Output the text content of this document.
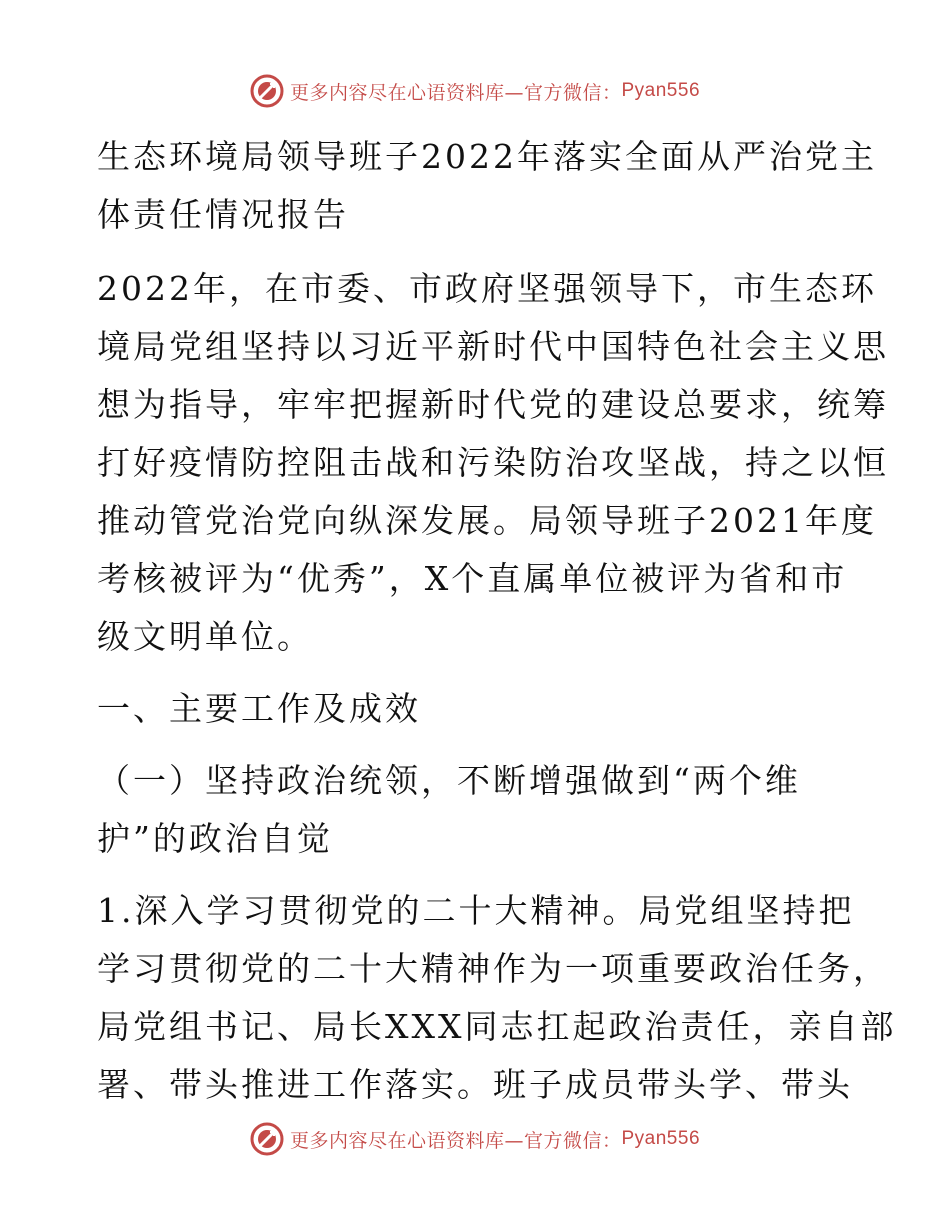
更多内容尽在心语资料库—官方微信： Pyan556
生态环境局领导班子2022年落实全面从严治党主
体责任情况报告
2022年，在市委、市政府坚强领导下，市生态环
境局党组坚持以习近平新时代中国特色社会主义思
想为指导，牢牢把握新时代党的建设总要求，统筹
打好疫情防控阻击战和污染防治攻坚战，持之以恒
推动管党治党向纵深发展。局领导班子2021年度
考核被评为“优秀”，X个直属单位被评为省和市
级文明单位。
一、主要工作及成效
（一）坚持政治统领，不断增强做到“两个维
护”的政治自觉
1.深入学习贯彻党的二十大精神。局党组坚持把
学习贯彻党的二十大精神作为一项重要政治任务，
局党组书记、局长XXX同志扛起政治责任，亲自部
署、带头推进工作落实。班子成员带头学、带头
更多内容尽在心语资料库—官方微信： Pyan556
